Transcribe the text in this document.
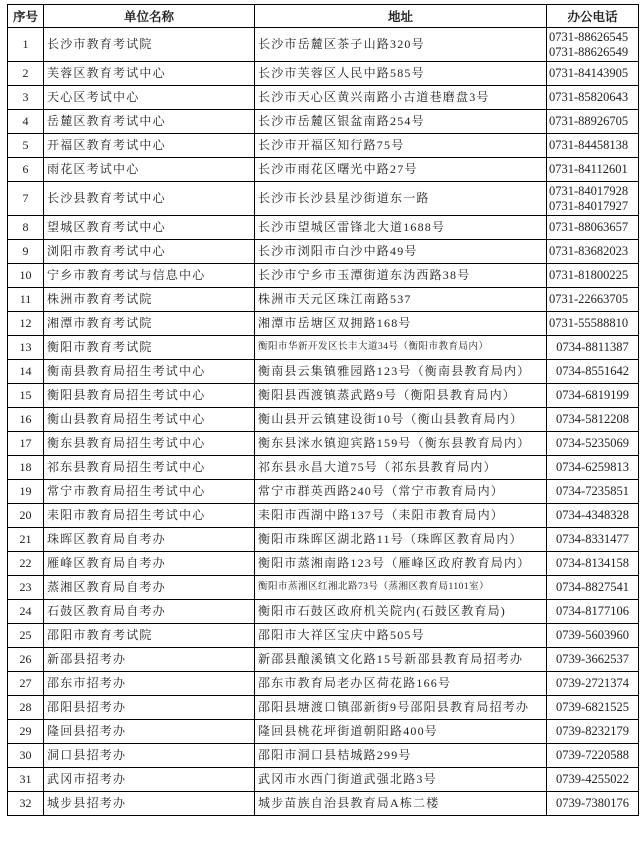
序号	单位名称	地址	办公电话
1	长沙市教育考试院	长沙市岳麓区茶子山路320号	0731-88626545
0731-88626549

2	芙蓉区教育考试中心	长沙市芙蓉区人民中路585号	0731-84143905
3	天心区考试中心	长沙市天心区黄兴南路小古道巷磨盘3号	0731-85820643
4	岳麓区教育考试中心	长沙市岳麓区银盆南路254号	0731-88926705
5	开福区教育考试中心	长沙市开福区知行路75号	0731-84458138
6	雨花区考试中心	长沙市雨花区曙光中路27号	0731-84112601
7	长沙县教育考试中心	长沙市长沙县星沙街道东一路	0731-84017928
0731-84017927

8	望城区教育考试中心	长沙市望城区雷锋北大道1688号	0731-88063657
9	浏阳市教育考试中心	长沙市浏阳市白沙中路49号	0731-83682023
10	宁乡市教育考试与信息中心	长沙市宁乡市玉潭街道东沩西路38号	0731-81800225
11	株洲市教育考试院	株洲市天元区珠江南路537	0731-22663705
12	湘潭市教育考试院	湘潭市岳塘区双拥路168号	0731-55588810
13	衡阳市教育考试院	衡阳市华新开发区长丰大道34号（衡阳市教育局内）	0734-8811387
14	衡南县教育局招生考试中心	衡南县云集镇雅园路123号（衡南县教育局内）	0734-8551642
15	衡阳县教育局招生考试中心	衡阳县西渡镇蒸武路9号（衡阳县教育局内）	0734-6819199
16	衡山县教育局招生考试中心	衡山县开云镇建设街10号（衡山县教育局内）	0734-5812208
17	衡东县教育局招生考试中心	衡东县洣水镇迎宾路159号（衡东县教育局内）	0734-5235069
18	祁东县教育局招生考试中心	祁东县永昌大道75号（祁东县教育局内）	0734-6259813
19	常宁市教育局招生考试中心	常宁市群英西路240号（常宁市教育局内）	0734-7235851
20	耒阳市教育局招生考试中心	耒阳市西湖中路137号（耒阳市教育局内）	0734-4348328
21	珠晖区教育局自考办	衡阳市珠晖区湖北路11号（珠晖区教育局内）	0734-8331477
22	雁峰区教育局自考办	衡阳市蒸湘南路123号（雁峰区政府教育局内）	0734-8134158
23	蒸湘区教育局自考办	衡阳市蒸湘区红湘北路73号（蒸湘区教育局1101室）	0734-8827541
24	石鼓区教育局自考办	衡阳市石鼓区政府机关院内(石鼓区教育局)	0734-8177106
25	邵阳市教育考试院	邵阳市大祥区宝庆中路505号	0739-5603960
26	新邵县招考办	新邵县酿溪镇文化路15号新邵县教育局招考办	0739-3662537
27	邵东市招考办	邵东市教育局老办区荷花路166号	0739-2721374
28	邵阳县招考办	邵阳县塘渡口镇邵新街9号邵阳县教育局招考办	0739-6821525
29	隆回县招考办	隆回县桃花坪街道朝阳路400号	0739-8232179
30	洞口县招考办	邵阳市洞口县桔城路299号	0739-7220588
31	武冈市招考办	武冈市水西门街道武强北路3号	0739-4255022
32	城步县招考办	城步苗族自治县教育局A栋二楼	0739-7380176
